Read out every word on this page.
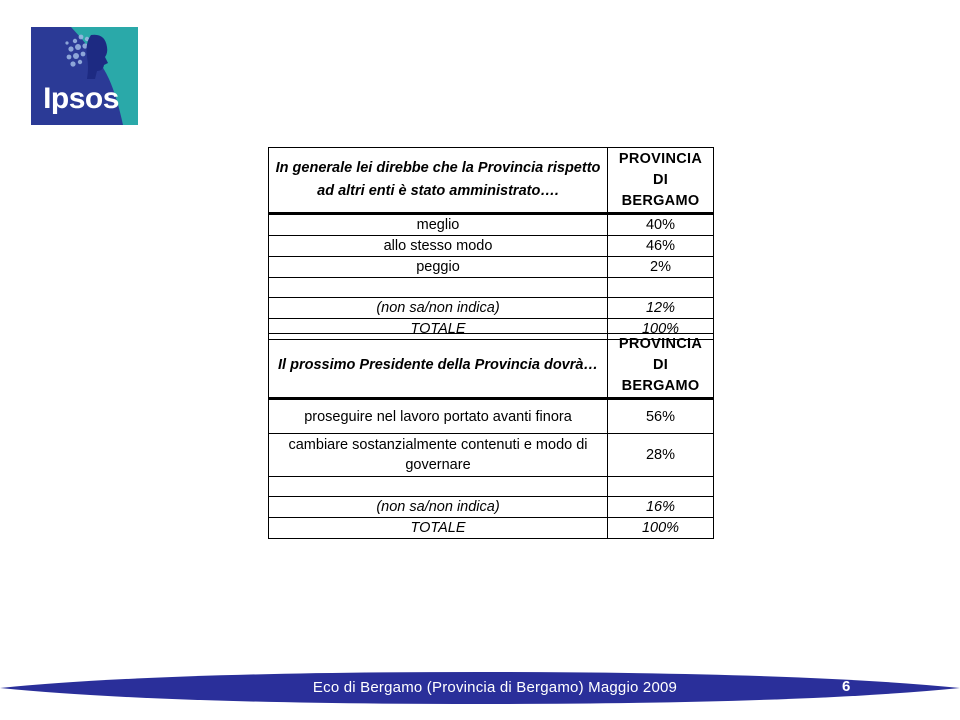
Ipsos
In generale lei direbbe che la Provincia rispetto ad altri enti è stato amministrato….	PROVINCIA
DI
BERGAMO

meglio	40%
allo stesso modo	46%
peggio	2%

(non sa/non indica)	12%
TOTALE	100%
Il prossimo Presidente della Provincia dovrà…	PROVINCIA
DI
BERGAMO

proseguire nel lavoro portato avanti finora	56%
cambiare sostanzialmente contenuti e modo di governare	28%

(non sa/non indica)	16%
TOTALE	100%
Eco di Bergamo (Provincia di Bergamo) Maggio 2009	6
